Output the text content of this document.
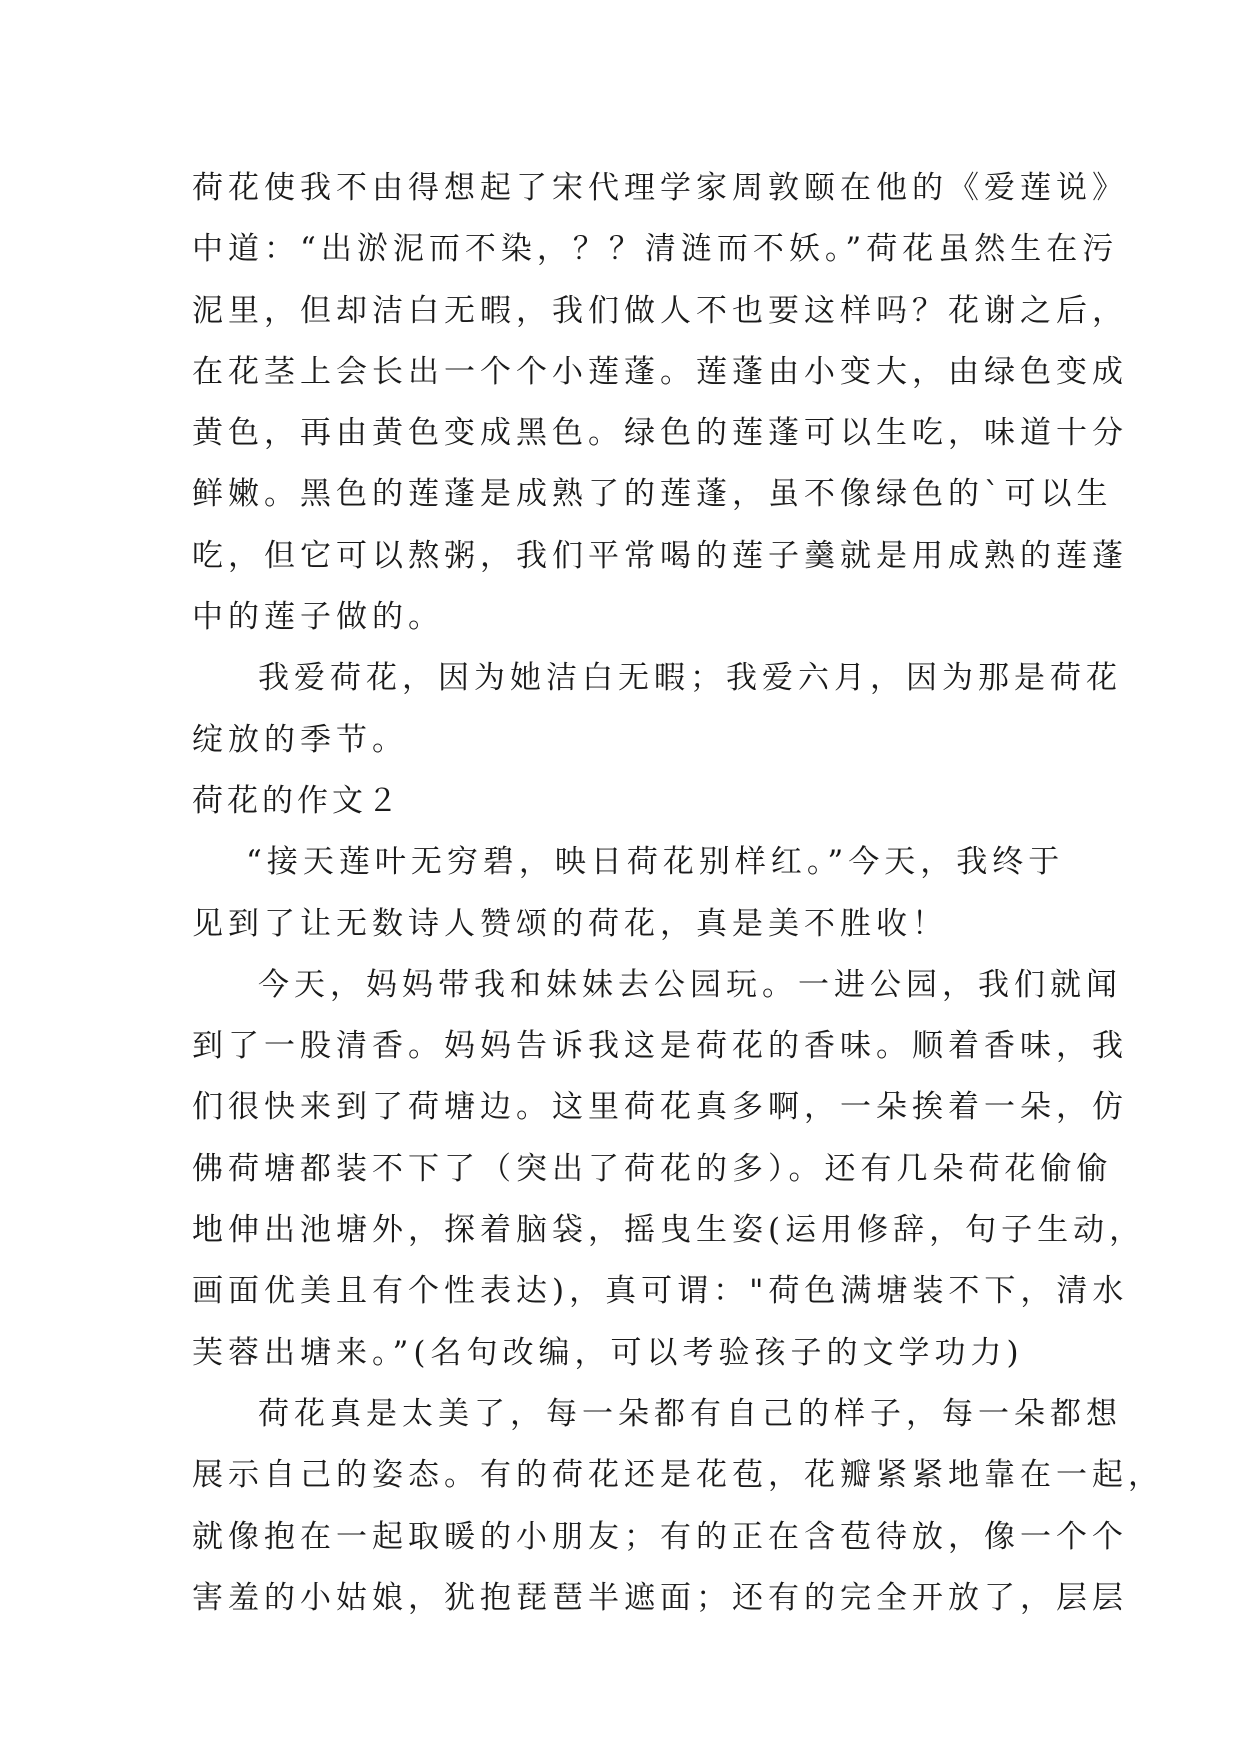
荷花使我不由得想起了宋代理学家周敦颐在他的《爱莲说》
中道：“出淤泥而不染，？？清涟而不妖。”荷花虽然生在污
泥里，但却洁白无暇，我们做人不也要这样吗？花谢之后，
在花茎上会长出一个个小莲蓬。莲蓬由小变大，由绿色变成
黄色，再由黄色变成黑色。绿色的莲蓬可以生吃，味道十分
鲜嫩。黑色的莲蓬是成熟了的莲蓬，虽不像绿色的`可以生
吃，但它可以熬粥，我们平常喝的莲子羹就是用成熟的莲蓬
中的莲子做的。
我爱荷花，因为她洁白无暇；我爱六月，因为那是荷花
绽放的季节。
荷花的作文２
“接天莲叶无穷碧，映日荷花别样红。”今天，我终于
见到了让无数诗人赞颂的荷花，真是美不胜收！
今天，妈妈带我和妹妹去公园玩。一进公园，我们就闻
到了一股清香。妈妈告诉我这是荷花的香味。顺着香味，我
们很快来到了荷塘边。这里荷花真多啊，一朵挨着一朵，仿
佛荷塘都装不下了（突出了荷花的多）。还有几朵荷花偷偷
地伸出池塘外，探着脑袋，摇曳生姿(运用修辞，句子生动，
画面优美且有个性表达)，真可谓："荷色满塘装不下，清水
芙蓉出塘来。”(名句改编，可以考验孩子的文学功力)
荷花真是太美了，每一朵都有自己的样子，每一朵都想
展示自己的姿态。有的荷花还是花苞，花瓣紧紧地靠在一起，
就像抱在一起取暖的小朋友；有的正在含苞待放，像一个个
害羞的小姑娘，犹抱琵琶半遮面；还有的完全开放了，层层
